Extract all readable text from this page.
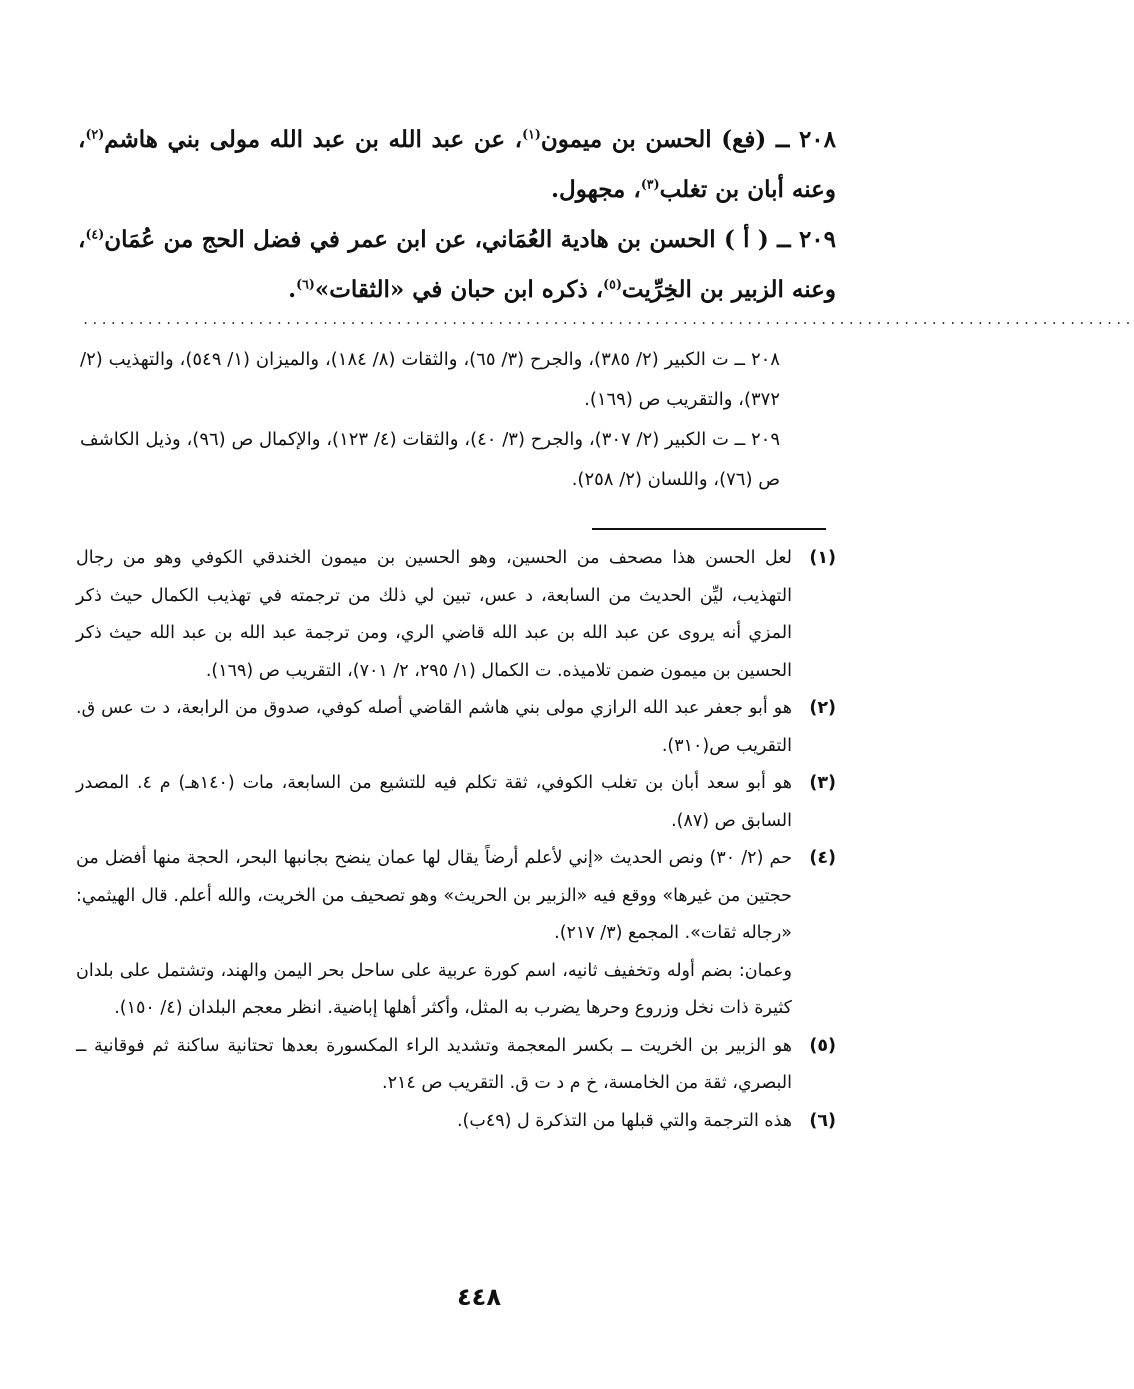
٢٠٨ ــ (فع) الحسن بن ميمون$^{(١)}$، عن عبد الله بن عبد الله مولى بني هاشم$^{(٢)}$، وعنه أبان بن تغلب$^{(٣)}$، مجهول.
٢٠٩ ــ ( أ ) الحسن بن هادية العُمَاني، عن ابن عمر في فضل الحج من عُمَان$^{(٤)}$، وعنه الزبير بن الخِرِّيت$^{(٥)}$، ذكره ابن حبان في «الثقات»$^{(٦)}$.
..................................................................................................................
٢٠٨ ــ ت الكبير (٢/ ٣٨٥)، والجرح (٣/ ٦٥)، والثقات (٨/ ١٨٤)، والميزان (١/ ٥٤٩)، والتهذيب (٢/ ٣٧٢)، والتقريب ص (١٦٩).
٢٠٩ ــ ت الكبير (٢/ ٣٠٧)، والجرح (٣/ ٤٠)، والثقات (٤/ ١٢٣)، والإكمال ص (٩٦)، وذيل الكاشف ص (٧٦)، واللسان (٢/ ٢٥٨).
(١)
لعل الحسن هذا مصحف من الحسين، وهو الحسين بن ميمون الخندقي الكوفي وهو من رجال التهذيب، ليِّن الحديث من السابعة، د عس، تبين لي ذلك من ترجمته في تهذيب الكمال حيث ذكر المزي أنه يروى عن عبد الله بن عبد الله قاضي الري، ومن ترجمة عبد الله بن عبد الله حيث ذكر الحسين بن ميمون ضمن تلاميذه. ت الكمال (١/ ٢٩٥، ٢/ ٧٠١)، التقريب ص (١٦٩).
(٢)
هو أبو جعفر عبد الله الرازي مولى بني هاشم القاضي أصله كوفي، صدوق من الرابعة، د ت عس ق. التقريب ص(٣١٠).
(٣)
هو أبو سعد أبان بن تغلب الكوفي، ثقة تكلم فيه للتشيع من السابعة، مات (١٤٠هـ) م ٤. المصدر السابق ص (٨٧).
(٤)
حم (٢/ ٣٠) ونص الحديث «إني لأعلم أرضاً يقال لها عمان ينضح بجانبها البحر، الحجة منها أفضل من حجتين من غيرها» ووقع فيه «الزبير بن الحريث» وهو تصحيف من الخريت، والله أعلم. قال الهيثمي: «رجاله ثقات». المجمع (٣/ ٢١٧).
وعمان: بضم أوله وتخفيف ثانيه، اسم كورة عربية على ساحل بحر اليمن والهند، وتشتمل على بلدان كثيرة ذات نخل وزروع وحرها يضرب به المثل، وأكثر أهلها إباضية. انظر معجم البلدان (٤/ ١٥٠).
(٥)
هو الزبير بن الخريت ــ بكسر المعجمة وتشديد الراء المكسورة بعدها تحتانية ساكنة ثم فوقانية ــ البصري، ثقة من الخامسة، خ م د ت ق. التقريب ص ٢١٤.
(٦)
هذه الترجمة والتي قبلها من التذكرة ل (٤٩ب).
٤٤٨
